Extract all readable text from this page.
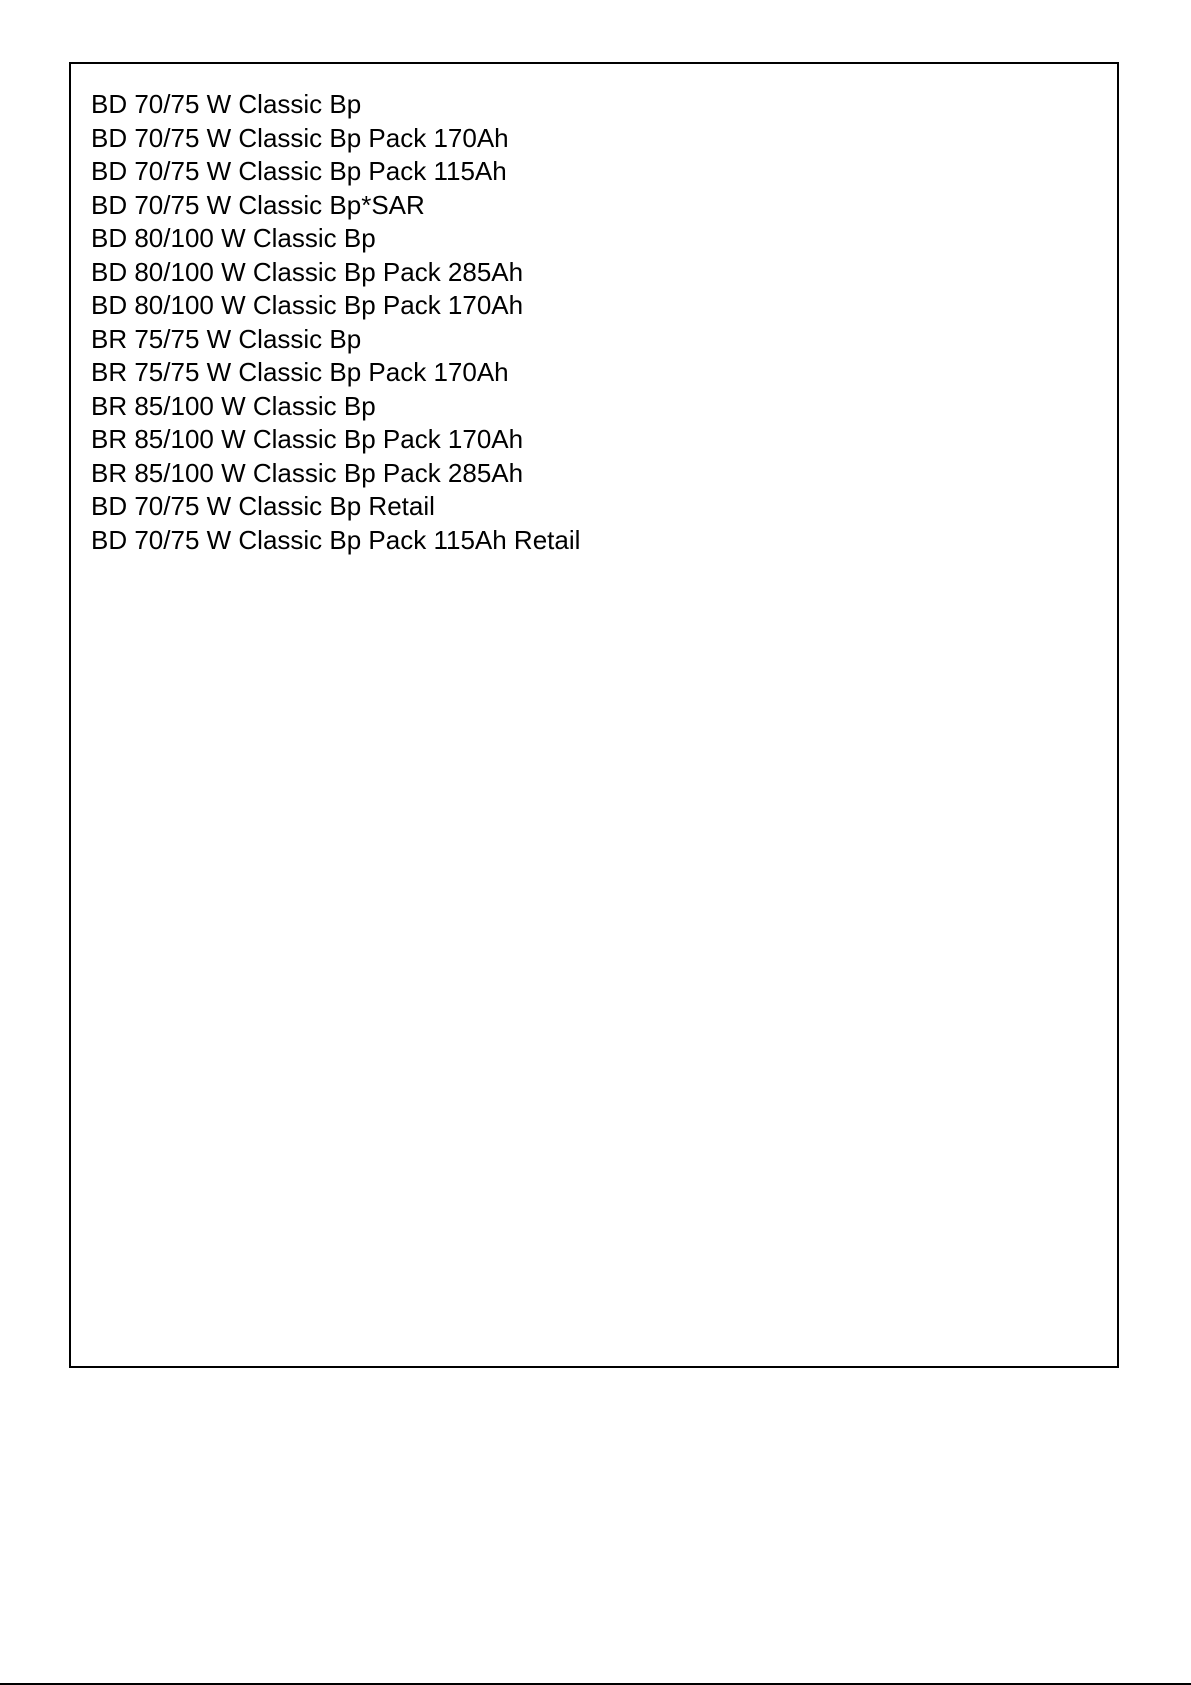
BD 70/75 W Classic Bp
BD 70/75 W Classic Bp Pack 170Ah
BD 70/75 W Classic Bp Pack 115Ah
BD 70/75 W Classic Bp*SAR
BD 80/100 W Classic Bp
BD 80/100 W Classic Bp Pack 285Ah
BD 80/100 W Classic Bp Pack 170Ah
BR 75/75 W Classic Bp
BR 75/75 W Classic Bp Pack 170Ah
BR 85/100 W Classic Bp
BR 85/100 W Classic Bp Pack 170Ah
BR 85/100 W Classic Bp Pack 285Ah
BD 70/75 W Classic Bp Retail
BD 70/75 W Classic Bp Pack 115Ah Retail
